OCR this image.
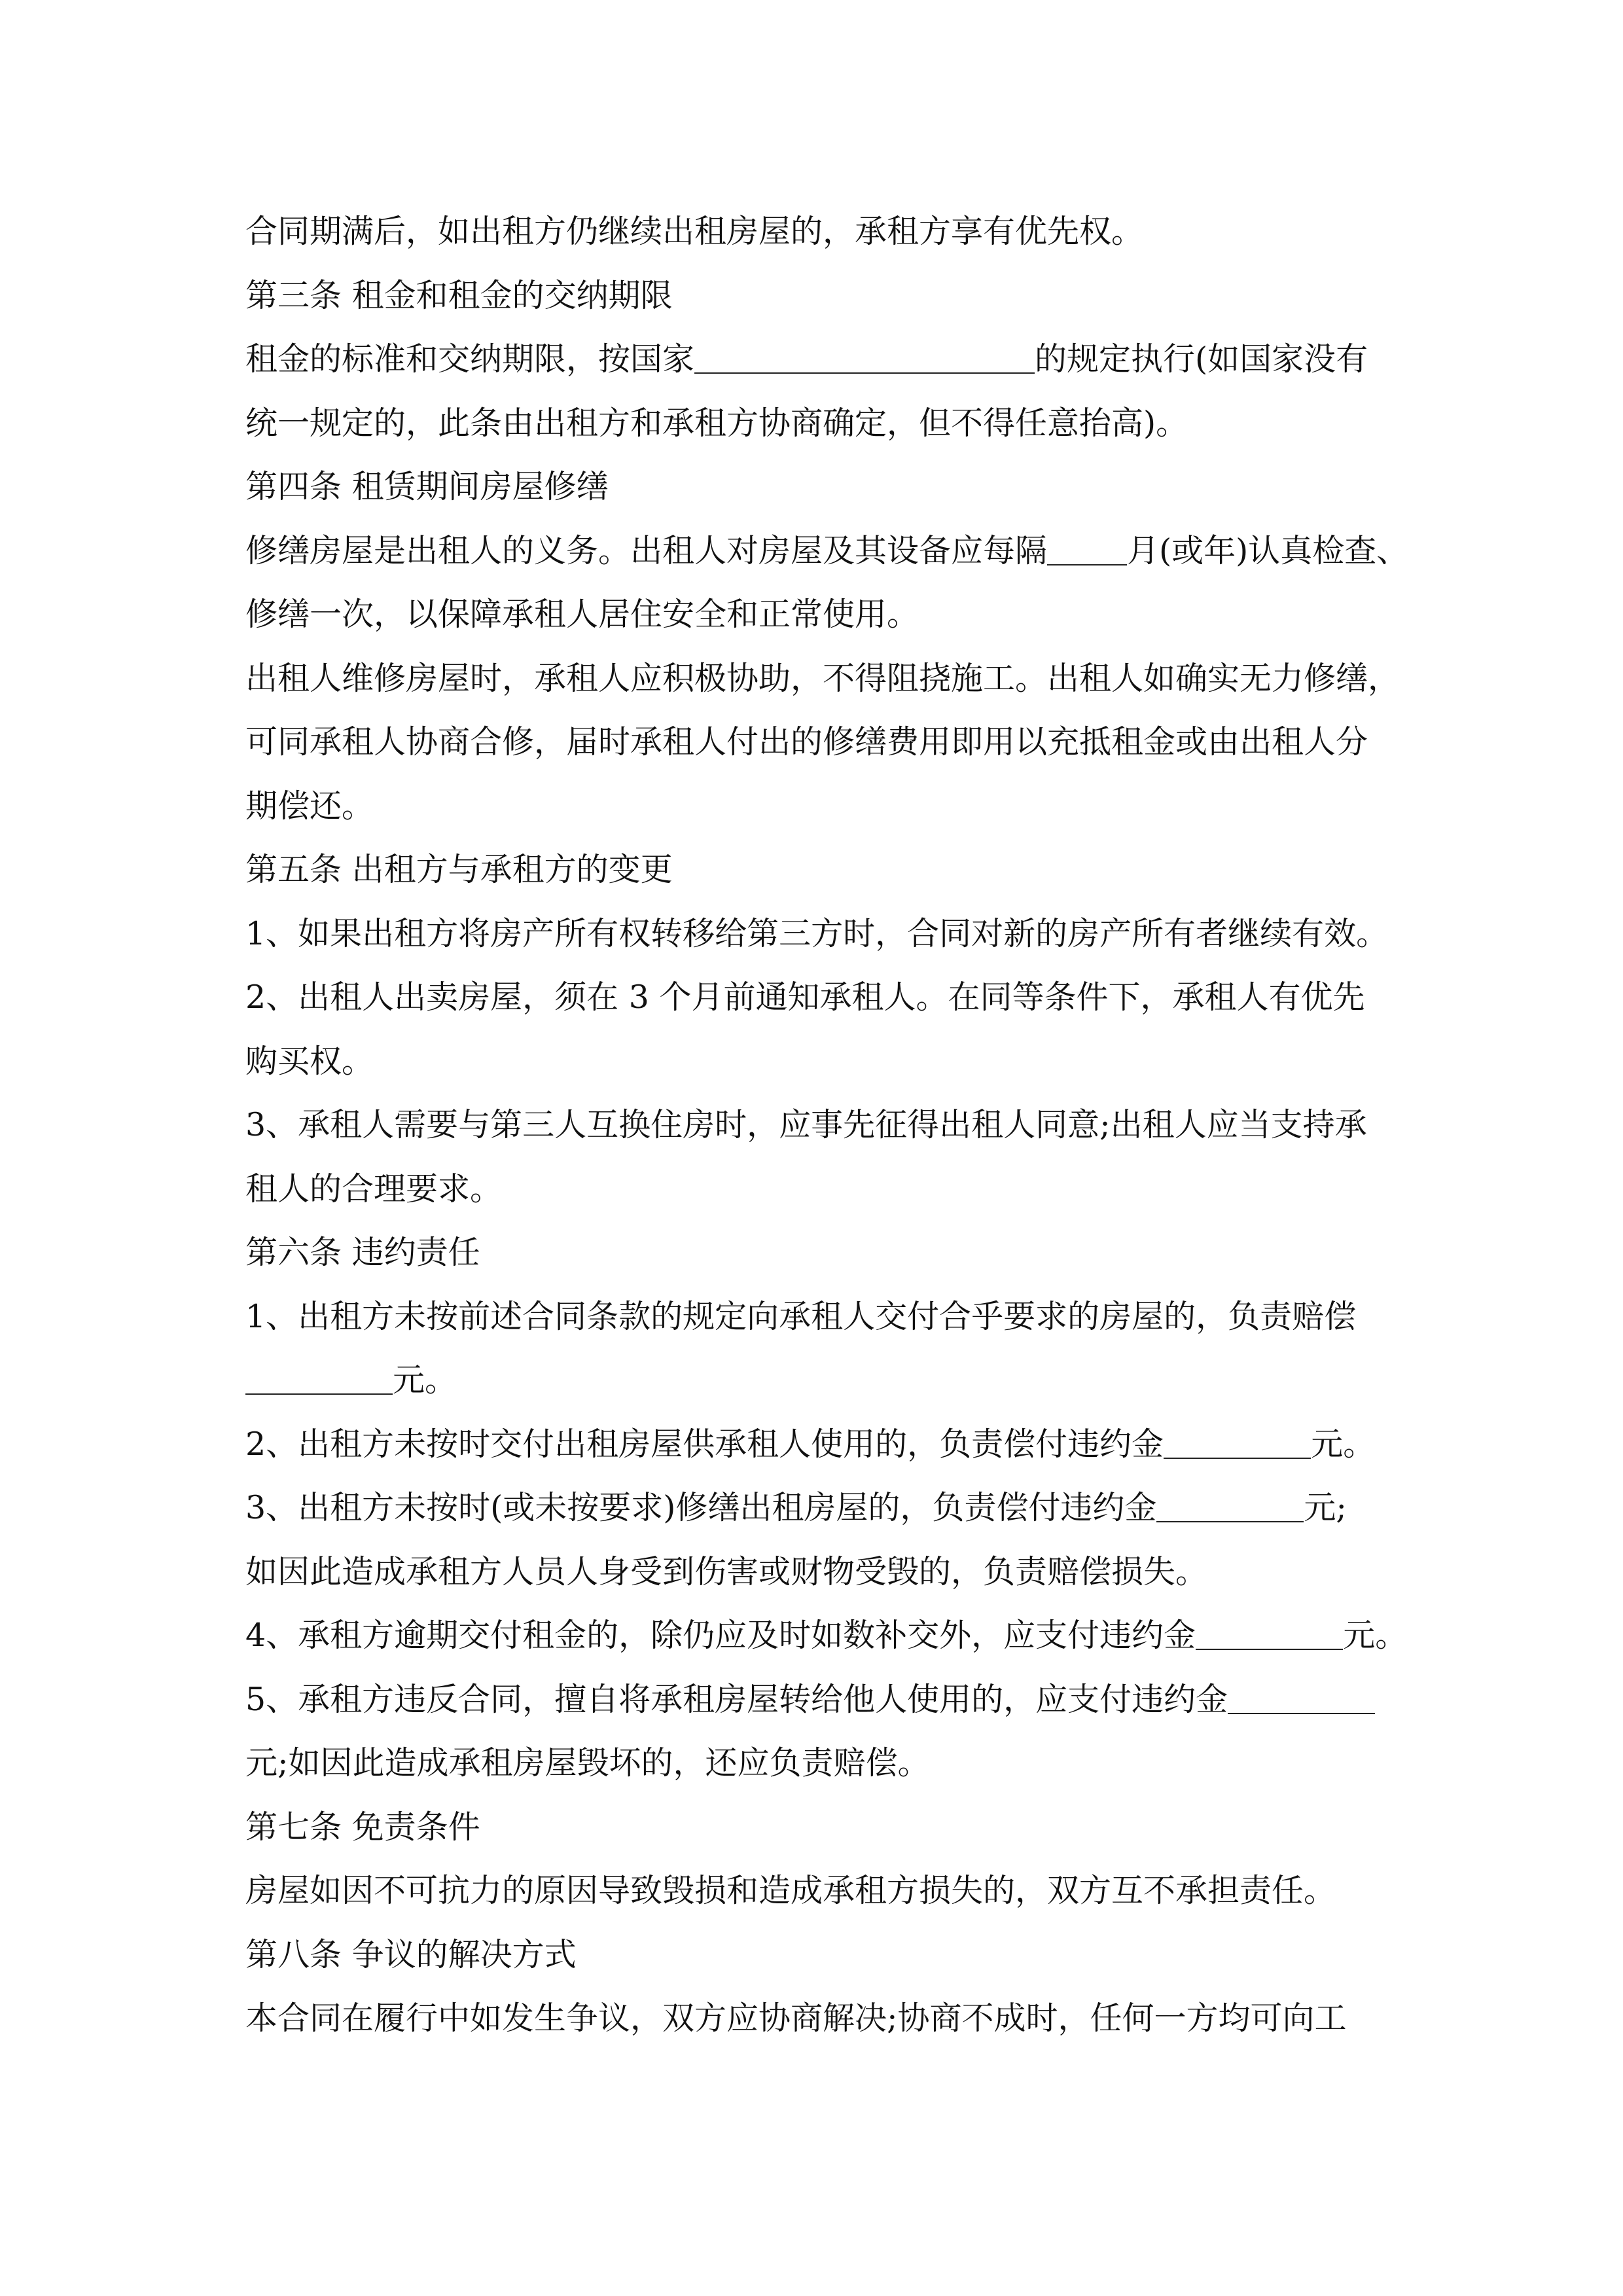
合同期满后，如出租方仍继续出租房屋的，承租方享有优先权。
第三条 租金和租金的交纳期限
租金的标准和交纳期限，按国家	的规定执行(如国家没有
统一规定的，此条由出租方和承租方协商确定，但不得任意抬高)。
第四条 租赁期间房屋修缮
修缮房屋是出租人的义务。出租人对房屋及其设备应每隔 月(或年)认真检查、
修缮一次，以保障承租人居住安全和正常使用。
出租人维修房屋时，承租人应积极协助，不得阻挠施工。出租人如确实无力修缮，
可同承租人协商合修，届时承租人付出的修缮费用即用以充抵租金或由出租人分
期偿还。
第五条 出租方与承租方的变更
1、如果出租方将房产所有权转移给第三方时，合同对新的房产所有者继续有效。
2、出租人出卖房屋，须在 3 个月前通知承租人。在同等条件下，承租人有优先
购买权。
3、承租人需要与第三人互换住房时，应事先征得出租人同意;出租人应当支持承
租人的合理要求。
第六条 违约责任
1、出租方未按前述合同条款的规定向承租人交付合乎要求的房屋的，负责赔偿
元。
2、出租方未按时交付出租房屋供承租人使用的，负责偿付违约金	元。
3、出租方未按时(或未按要求)修缮出租房屋的，负责偿付违约金	元;
如因此造成承租方人员人身受到伤害或财物受毁的，负责赔偿损失。
4、承租方逾期交付租金的，除仍应及时如数补交外，应支付违约金	元。
5、承租方违反合同，擅自将承租房屋转给他人使用的，应支付违约金
元;如因此造成承租房屋毁坏的，还应负责赔偿。
第七条 免责条件
房屋如因不可抗力的原因导致毁损和造成承租方损失的，双方互不承担责任。
第八条 争议的解决方式
本合同在履行中如发生争议，双方应协商解决;协商不成时，任何一方均可向工
